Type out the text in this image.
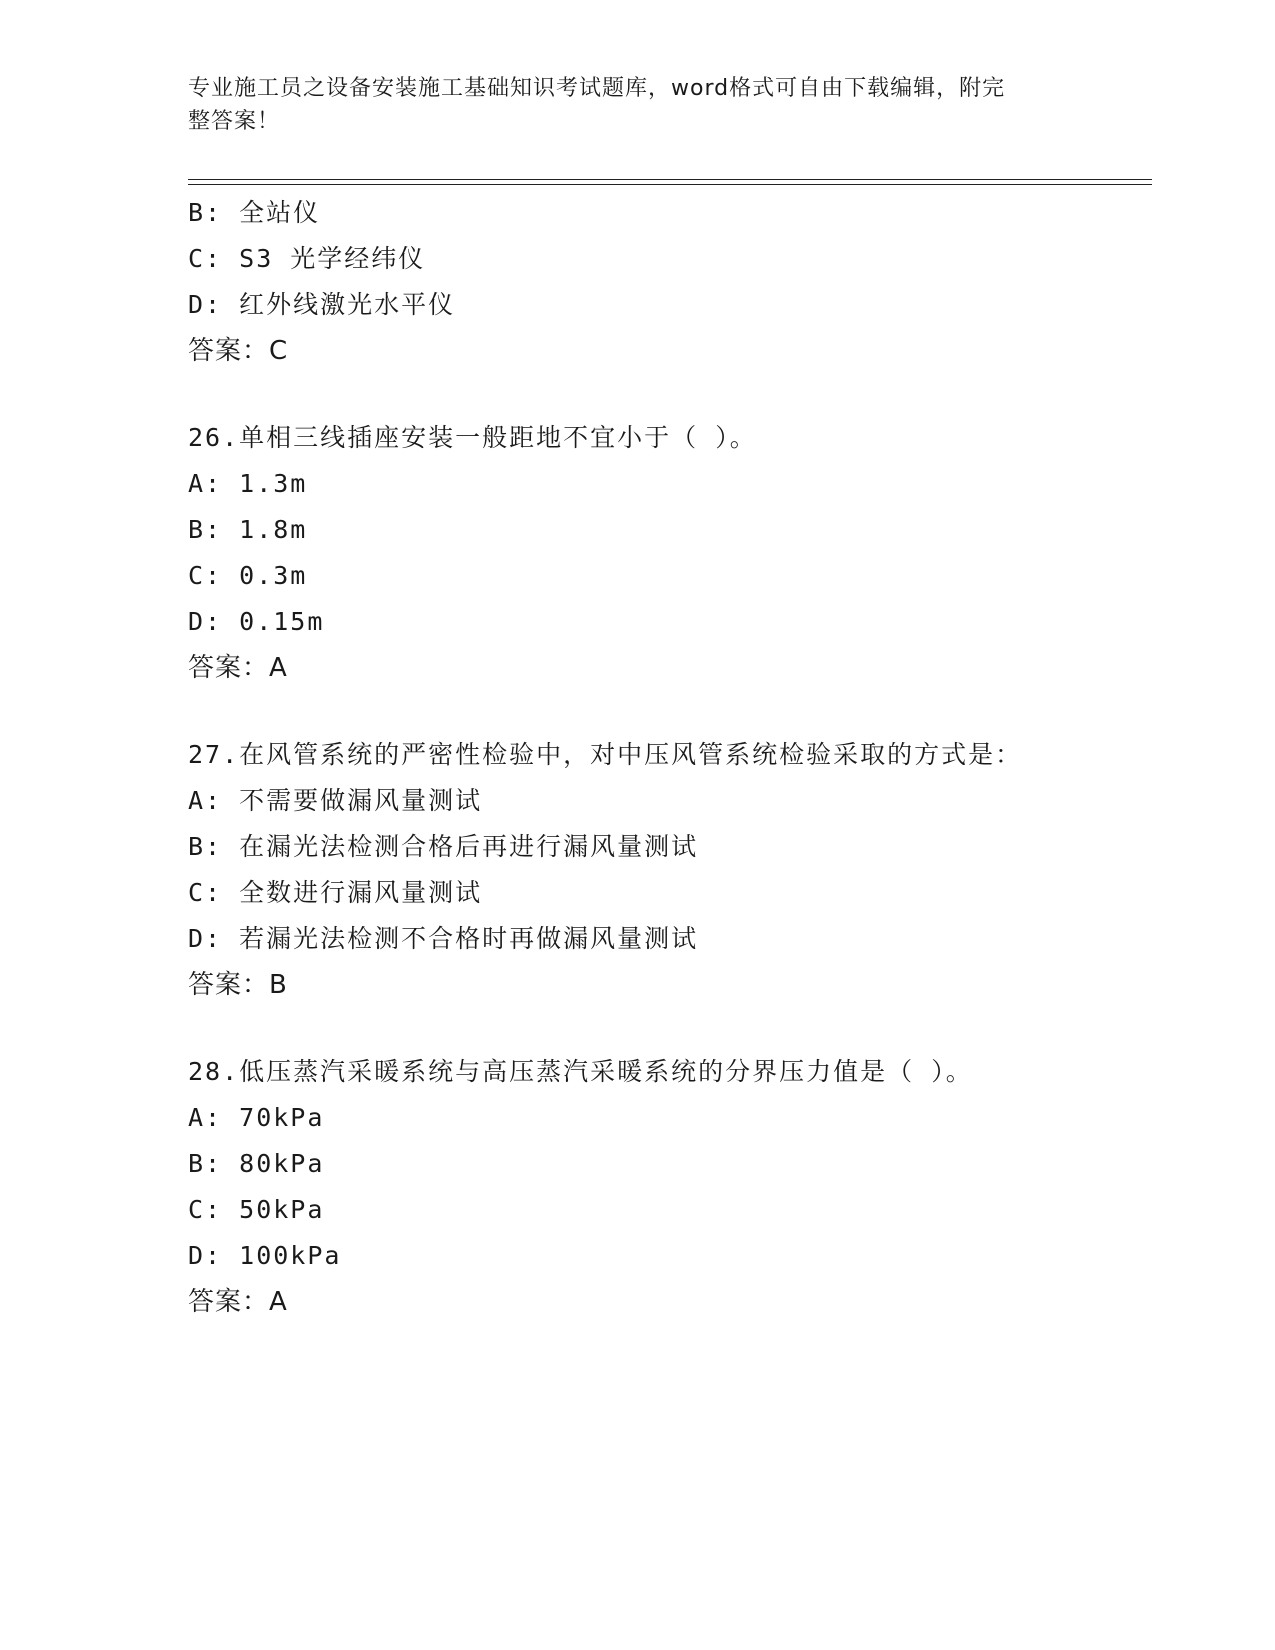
专业施工员之设备安装施工基础知识考试题库，word格式可自由下载编辑，附完
整答案！
B: 全站仪
C: S3 光学经纬仪
D: 红外线激光水平仪
答案：C
26.单相三线插座安装一般距地不宜小于（ ）。
A: 1.3m
B: 1.8m
C: 0.3m
D: 0.15m
答案：A
27.在风管系统的严密性检验中，对中压风管系统检验采取的方式是：
A: 不需要做漏风量测试
B: 在漏光法检测合格后再进行漏风量测试
C: 全数进行漏风量测试
D: 若漏光法检测不合格时再做漏风量测试
答案：B
28.低压蒸汽采暖系统与高压蒸汽采暖系统的分界压力值是（ ）。
A: 70kPa
B: 80kPa
C: 50kPa
D: 100kPa
答案：A
